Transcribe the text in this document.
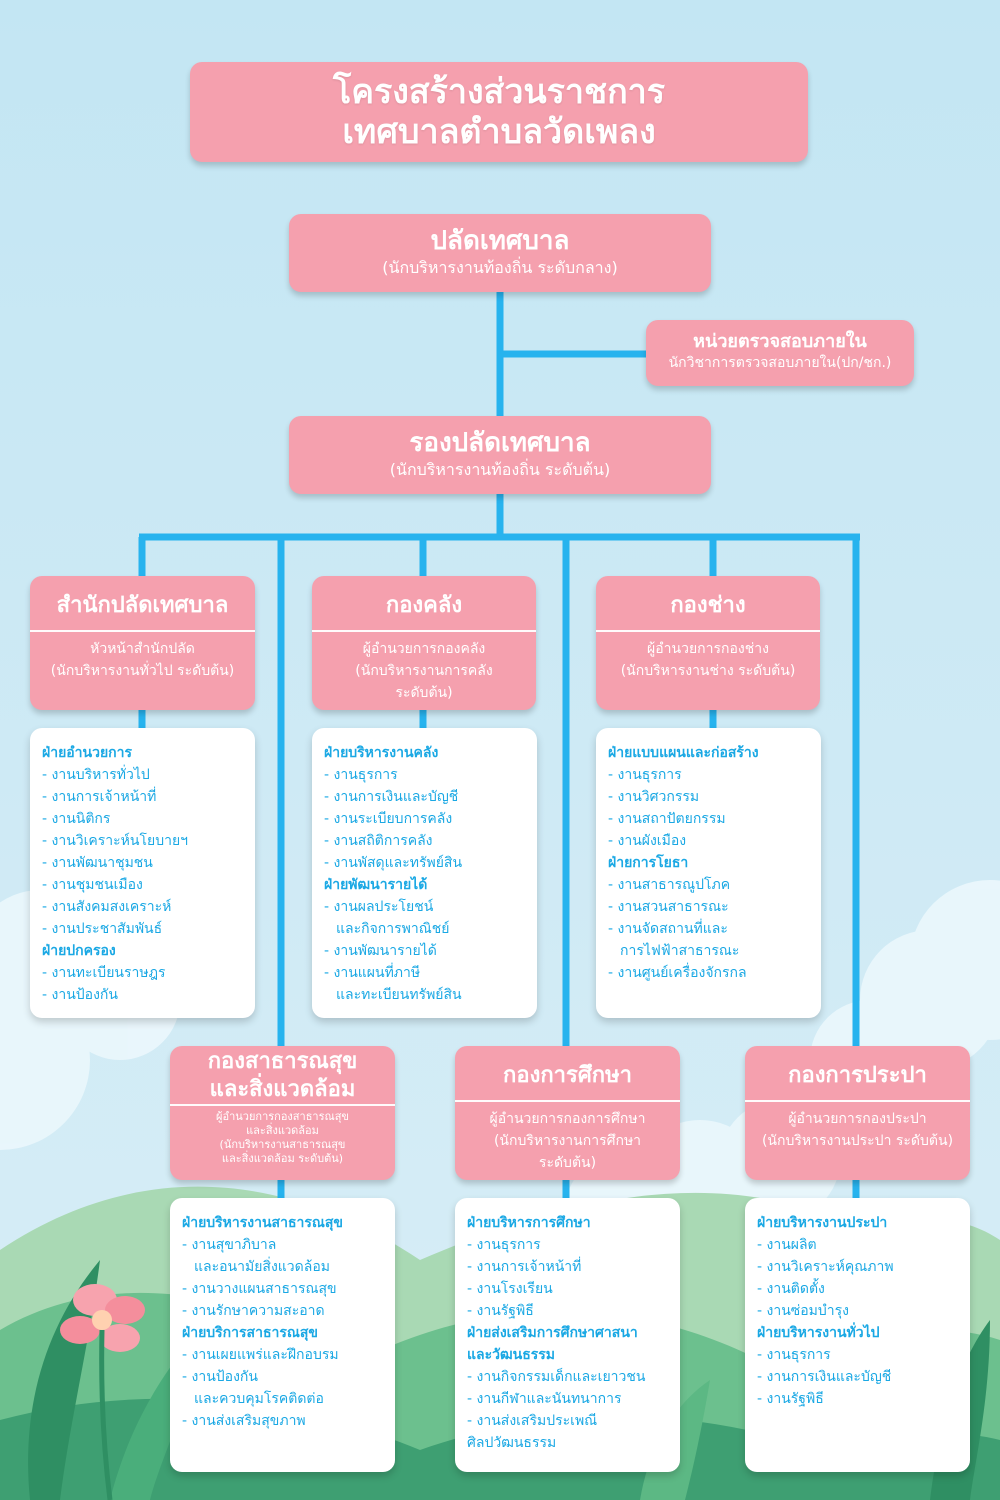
โครงสร้างส่วนราชการ
เทศบาลตำบลวัดเพลง
ปลัดเทศบาล
(นักบริหารงานท้องถิ่น ระดับกลาง)
หน่วยตรวจสอบภายใน
นักวิชาการตรวจสอบภายใน(ปก/ชก.)
รองปลัดเทศบาล
(นักบริหารงานท้องถิ่น ระดับต้น)
สำนักปลัดเทศบาล
หัวหน้าสำนักปลัด
(นักบริหารงานทั่วไป ระดับต้น)
ฝ่ายอำนวยการ
- งานบริหารทั่วไป
- งานการเจ้าหน้าที่
- งานนิติกร
- งานวิเคราะห์นโยบายฯ
- งานพัฒนาชุมชน
- งานชุมชนเมือง
- งานสังคมสงเคราะห์
- งานประชาสัมพันธ์
ฝ่ายปกครอง
- งานทะเบียนราษฎร
- งานป้องกัน
กองคลัง
ผู้อำนวยการกองคลัง
(นักบริหารงานการคลัง
ระดับต้น)
ฝ่ายบริหารงานคลัง
- งานธุรการ
- งานการเงินและบัญชี
- งานระเบียบการคลัง
- งานสถิติการคลัง
- งานพัสดุและทรัพย์สิน
ฝ่ายพัฒนารายได้
- งานผลประโยชน์
และกิจการพาณิชย์
- งานพัฒนารายได้
- งานแผนที่ภาษี
และทะเบียนทรัพย์สิน
กองช่าง
ผู้อำนวยการกองช่าง
(นักบริหารงานช่าง ระดับต้น)
ฝ่ายแบบแผนและก่อสร้าง
- งานธุรการ
- งานวิศวกรรม
- งานสถาปัตยกรรม
- งานผังเมือง
ฝ่ายการโยธา
- งานสาธารณูปโภค
- งานสวนสาธารณะ
- งานจัดสถานที่และ
การไฟฟ้าสาธารณะ
- งานศูนย์เครื่องจักรกล
กองสาธารณสุข
และสิ่งแวดล้อม
ผู้อำนวยการกองสาธารณสุข
และสิ่งแวดล้อม
(นักบริหารงานสาธารณสุข
และสิ่งแวดล้อม ระดับต้น)
ฝ่ายบริหารงานสาธารณสุข
- งานสุขาภิบาล
และอนามัยสิ่งแวดล้อม
- งานวางแผนสาธารณสุข
- งานรักษาความสะอาด
ฝ่ายบริการสาธารณสุข
- งานเผยแพร่และฝึกอบรม
- งานป้องกัน
และควบคุมโรคติดต่อ
- งานส่งเสริมสุขภาพ
กองการศึกษา
ผู้อำนวยการกองการศึกษา
(นักบริหารงานการศึกษา
ระดับต้น)
ฝ่ายบริหารการศึกษา
- งานธุรการ
- งานการเจ้าหน้าที่
- งานโรงเรียน
- งานรัฐพิธี
ฝ่ายส่งเสริมการศึกษาศาสนา
และวัฒนธรรม
- งานกิจกรรมเด็กและเยาวชน
- งานกีฬาและนันทนาการ
- งานส่งเสริมประเพณี
ศิลปวัฒนธรรม
กองการประปา
ผู้อำนวยการกองประปา
(นักบริหารงานประปา ระดับต้น)
ฝ่ายบริหารงานประปา
- งานผลิต
- งานวิเคราะห์คุณภาพ
- งานติดตั้ง
- งานซ่อมบำรุง
ฝ่ายบริหารงานทั่วไป
- งานธุรการ
- งานการเงินและบัญชี
- งานรัฐพิธี
